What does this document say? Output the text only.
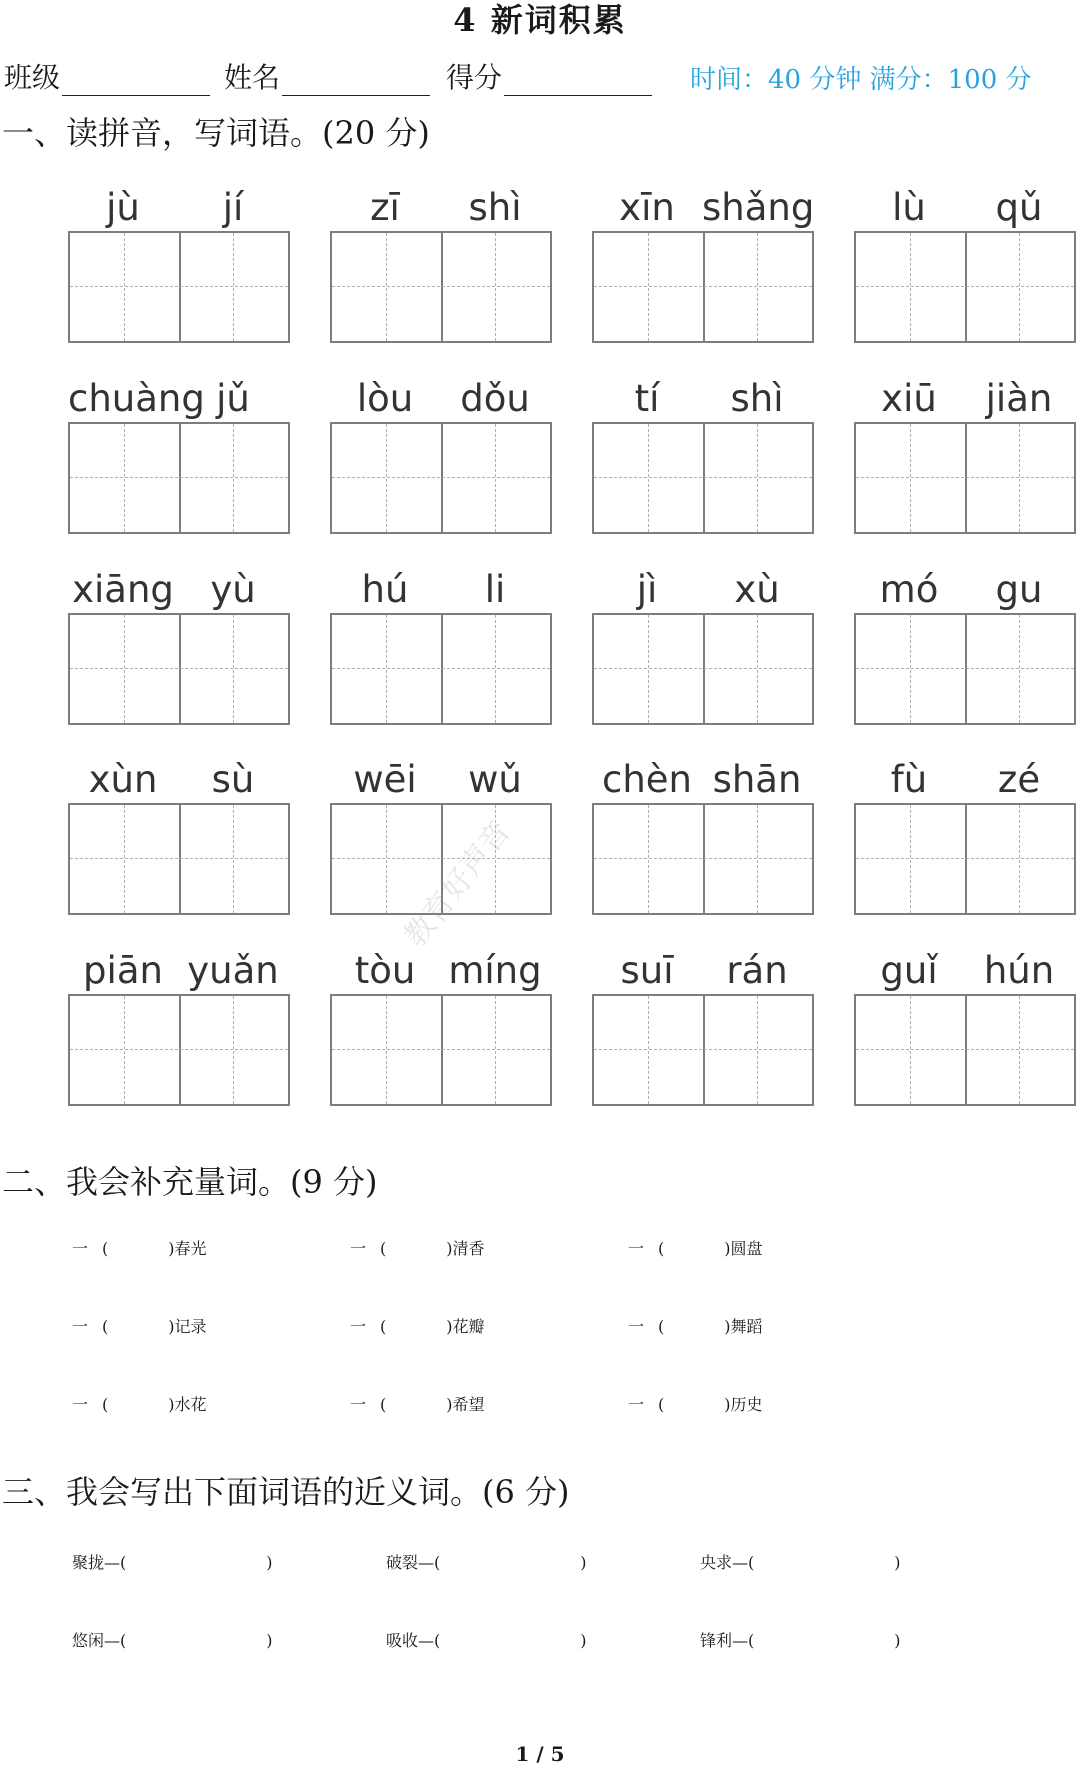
4 新词积累
班级	姓名	得分	时间：40 分钟 满分：100 分
一、读拼音，写词语。(20 分)
jù	jí	zī	shì	xīn shǎng	lù	qǔ
chuàng jǔ	lòu	dǒu	tí	shì	xiū	jiàn
xiāng yù	hú	li	jì	xù	mó	gu
xùn	sù	wēi	wǔ	chèn shān	fù	zé
piān yuǎn	tòu míng	suī	rán	guǐ	hún
二、我会补充量词。(9 分)
一 (	)春光	一 (	)清香	一 (	)圆盘
一 (	)记录	一 (	)花瓣	一 (	)舞蹈
一 (	)水花	一 (	)希望	一 (	)历史
三、我会写出下面词语的近义词。(6 分)
聚拢—(	)	破裂—(	)	央求—(	)
悠闲—(	)	吸收—(	)	锋利—(	)
教育好声音
1 / 5
